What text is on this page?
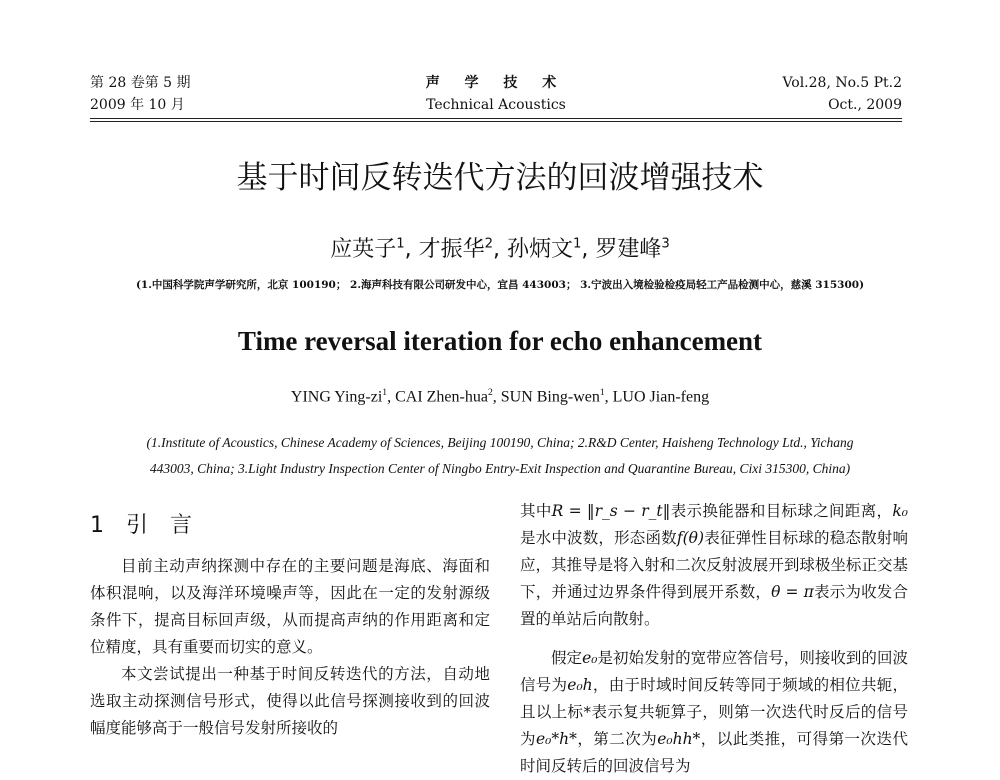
第 28 卷第 5 期
2009 年 10 月
声 学 技 术
Technical Acoustics
Vol.28, No.5 Pt.2
Oct., 2009
基于时间反转迭代方法的回波增强技术
应英子$^1$, 才振华$^2$, 孙炳文$^1$, 罗建峰$^3$
(1.中国科学院声学研究所，北京 100190； 2.海声科技有限公司研发中心，宜昌 443003； 3.宁波出入境检验检疫局轻工产品检测中心，慈溪 315300)
Time reversal iteration for echo enhancement
YING Ying-$zi^1$, CAI Zhen-hua$^2$, SUN Bing-wen$^1$, LUO Jian-feng
(1.Institute of Acoustics, Chinese Academy of Sciences, Beijing 100190, China; 2.R&D Center, Haisheng Technology Ltd., Yichang
443003, China; 3.Light Industry Inspection Center of Ningbo Entry-Exit Inspection and Quarantine Bureau, Cixi 315300, China)
1 引　言

目前主动声纳探测中存在的主要问题是海底、海面和体积混响，以及海洋环境噪声等，因此在一定的发射源级条件下，提高目标回声级，从而提高声纳的作用距离和定位精度，具有重要而切实的意义。

本文尝试提出一种基于时间反转迭代的方法，自动地选取主动探测信号形式，使得以此信号探测接收到的回波幅度能够高于一般信号发射所接收的

其中R = ‖r_s − r_t‖表示换能器和目标球之间距离，k₀是水中波数，形态函数f(θ)表征弹性目标球的稳态散射响应，其推导是将入射和二次反射波展开到球极坐标正交基下，并通过边界条件得到展开系数，θ = π表示为收发合置的单站后向散射。

假定e₀是初始发射的宽带应答信号，则接收到的回波信号为e₀h，由于时域时间反转等同于频域的相位共轭，且以上标*表示复共轭算子，则第一次迭代时反后的信号为e₀*h*，第二次为e₀hh*，以此类推，可得第一次迭代时间反转后的回波信号为
